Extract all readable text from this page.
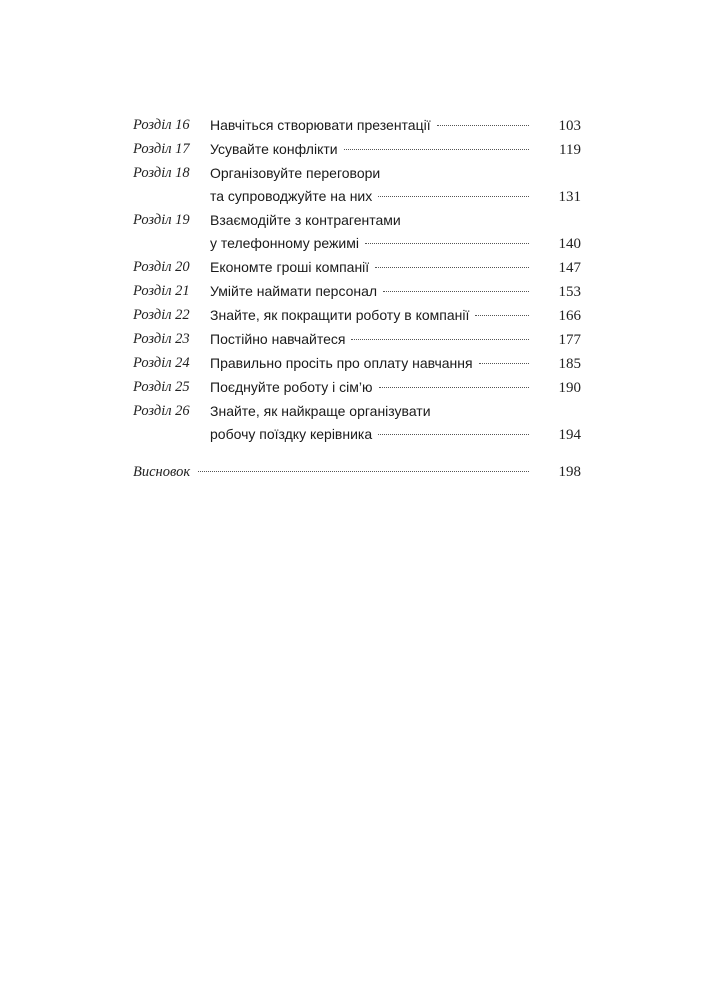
Розділ 16	Навчіться створювати презентації	103
Розділ 17	Усувайте конфлікти	119
Розділ 18	Організовуйте переговори
та супроводжуйте на них	131
Розділ 19	Взаємодійте з контрагентами
у телефонному режимі	140
Розділ 20	Економте гроші компанії	147
Розділ 21	Умійте наймати персонал	153
Розділ 22	Знайте, як покращити роботу в компанії	166
Розділ 23	Постійно навчайтеся	177
Розділ 24	Правильно просіть про оплату навчання	185
Розділ 25	Поєднуйте роботу і сім’ю	190
Розділ 26	Знайте, як найкраще організувати
робочу поїздку керівника	194
Висновок	198
